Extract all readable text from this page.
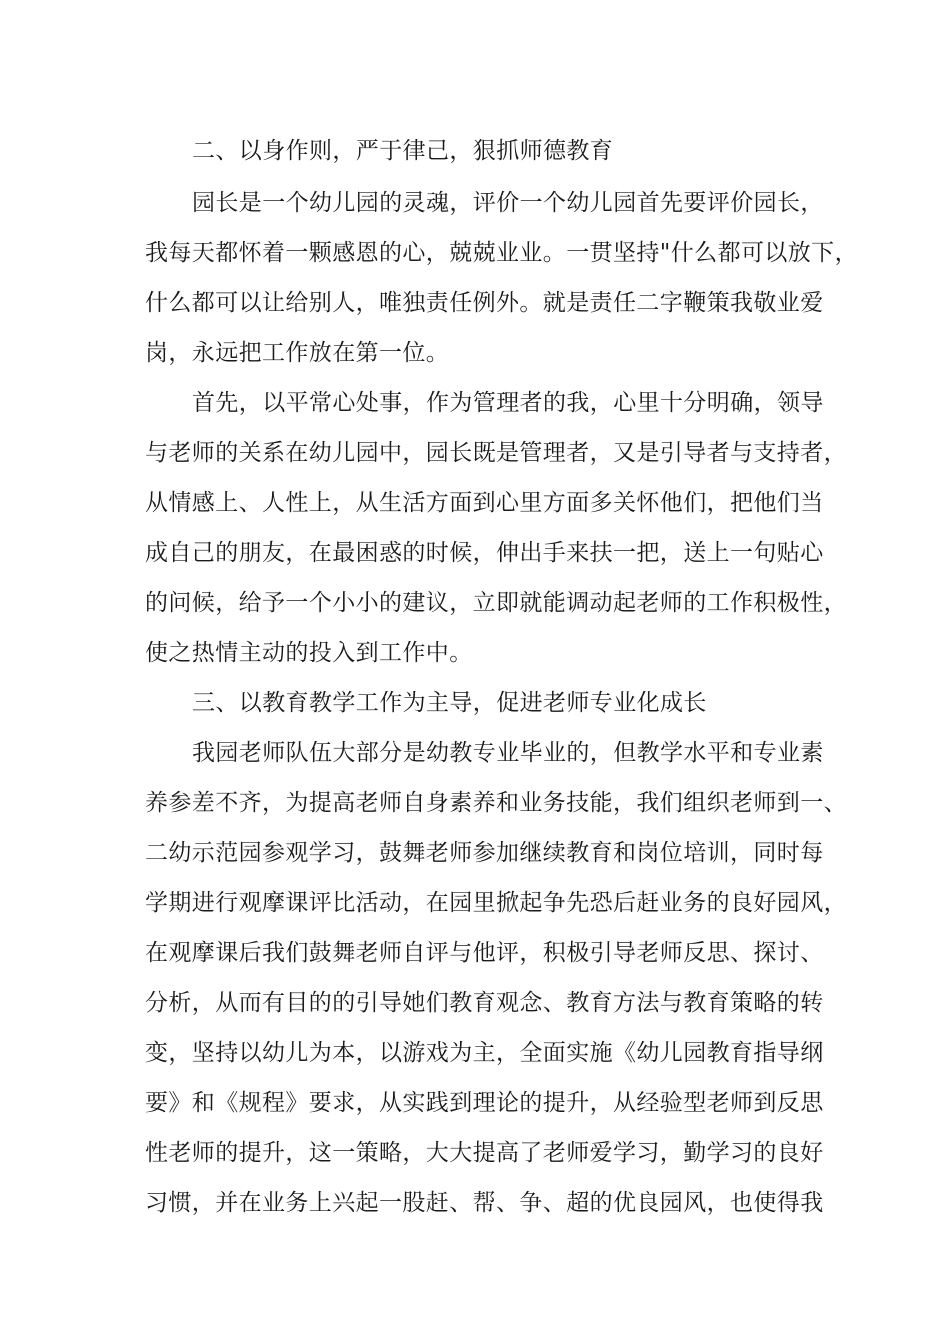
二、以身作则，严于律己，狠抓师德教育
园长是一个幼儿园的灵魂，评价一个幼儿园首先要评价园长，
我每天都怀着一颗感恩的心，兢兢业业。一贯坚持"什么都可以放下，
什么都可以让给别人，唯独责任例外。就是责任二字鞭策我敬业爱
岗，永远把工作放在第一位。
首先，以平常心处事，作为管理者的我，心里十分明确，领导
与老师的关系在幼儿园中，园长既是管理者，又是引导者与支持者，
从情感上、人性上，从生活方面到心里方面多关怀他们，把他们当
成自己的朋友，在最困惑的时候，伸出手来扶一把，送上一句贴心
的问候，给予一个小小的建议，立即就能调动起老师的工作积极性，
使之热情主动的投入到工作中。
三、以教育教学工作为主导，促进老师专业化成长
我园老师队伍大部分是幼教专业毕业的，但教学水平和专业素
养参差不齐，为提高老师自身素养和业务技能，我们组织老师到一、
二幼示范园参观学习，鼓舞老师参加继续教育和岗位培训，同时每
学期进行观摩课评比活动，在园里掀起争先恐后赶业务的良好园风，
在观摩课后我们鼓舞老师自评与他评，积极引导老师反思、探讨、
分析，从而有目的的引导她们教育观念、教育方法与教育策略的转
变，坚持以幼儿为本，以游戏为主，全面实施《幼儿园教育指导纲
要》和《规程》要求，从实践到理论的提升，从经验型老师到反思
性老师的提升，这一策略，大大提高了老师爱学习，勤学习的良好
习惯，并在业务上兴起一股赶、帮、争、超的优良园风，也使得我
